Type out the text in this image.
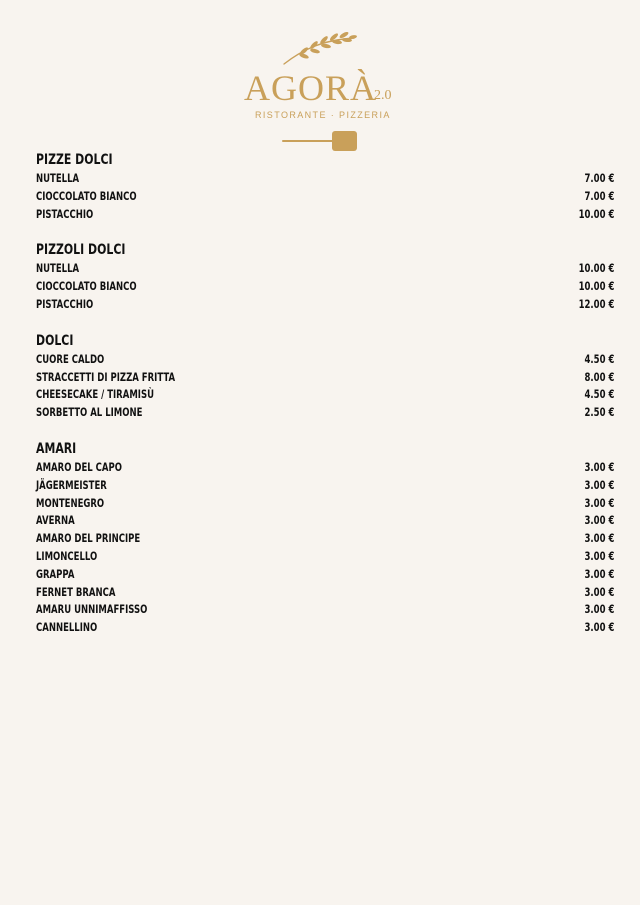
AGORÀ
2.0
RISTORANTE · PIZZERIA
PIZZE DOLCI
NUTELLA	7.00 €
CIOCCOLATO BIANCO	7.00 €
PISTACCHIO	10.00 €
PIZZOLI DOLCI
NUTELLA	10.00 €
CIOCCOLATO BIANCO	10.00 €
PISTACCHIO	12.00 €
DOLCI
CUORE CALDO	4.50 €
STRACCETTI DI PIZZA FRITTA	8.00 €
CHEESECAKE / TIRAMISÙ	4.50 €
SORBETTO AL LIMONE	2.50 €
AMARI
AMARO DEL CAPO	3.00 €
JÄGERMEISTER	3.00 €
MONTENEGRO	3.00 €
AVERNA	3.00 €
AMARO DEL PRINCIPE	3.00 €
LIMONCELLO	3.00 €
GRAPPA	3.00 €
FERNET BRANCA	3.00 €
AMARU UNNIMAFFISSO	3.00 €
CANNELLINO	3.00 €
